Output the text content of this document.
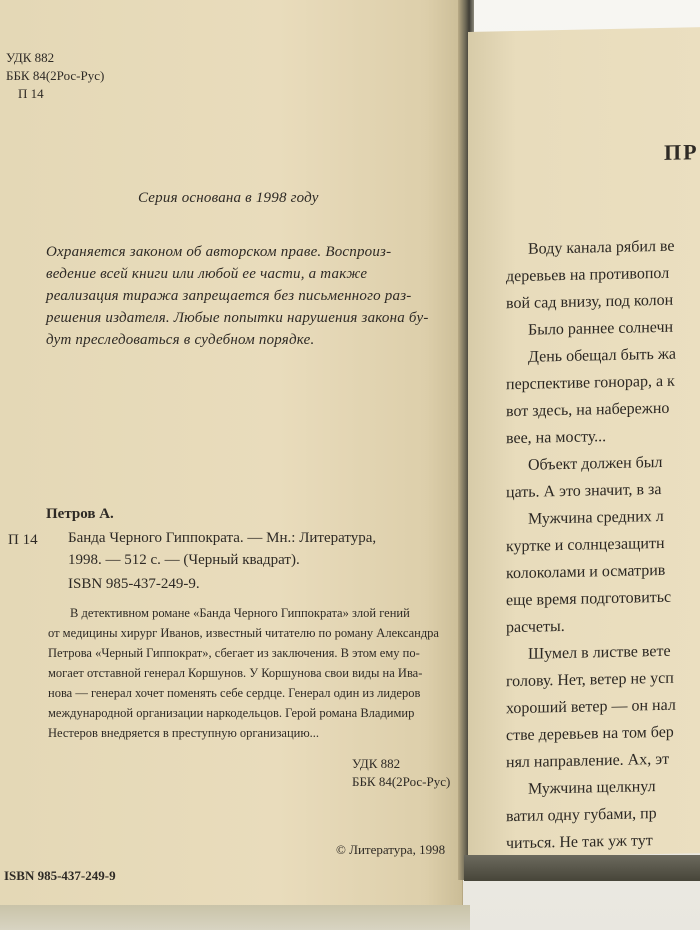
УДК 882
ББК 84(2Рос-Рус)
П 14
Серия основана в 1998 году
Охраняется законом об авторском праве. Воспроиз-
ведение всей книги или любой ее части, а также
реализация тиража запрещается без письменного раз-
решения издателя. Любые попытки нарушения закона бу-
дут преследоваться в судебном порядке.
Петров А.
П 14 Банда Черного Гиппократа. — Мн.: Литература,
1998. — 512 с. — (Черный квадрат).
ISBN 985-437-249-9.
В детективном романе «Банда Черного Гиппократа» злой гений
от медицины хирург Иванов, известный читателю по роману Александра
Петрова «Черный Гиппократ», сбегает из заключения. В этом ему по-
могает отставной генерал Коршунов. У Коршунова свои виды на Ива-
нова — генерал хочет поменять себе сердце. Генерал один из лидеров
международной организации наркодельцов. Герой романа Владимир
Нестеров внедряется в преступную организацию...
УДК 882
ББК 84(2Рос-Рус)
© Литература, 1998
ISBN 985-437-249-9
ПР
Воду канала рябил ве
деревьев на противопол
вой сад внизу, под колон
Было раннее солнечн
День обещал быть жа
перспективе гонорар, а к
вот здесь, на набережно
вее, на мосту...
Объект должен был
цать. А это значит, в за
Мужчина средних л
куртке и солнцезащитн
колоколами и осматрив
еще время подготовитьс
расчеты.
Шумел в листве вете
голову. Нет, ветер не усп
хороший ветер — он нал
стве деревьев на том бер
нял направление. Ах, эт
Мужчина щелкнул
ватил одну губами, пр
читься. Не так уж тут
